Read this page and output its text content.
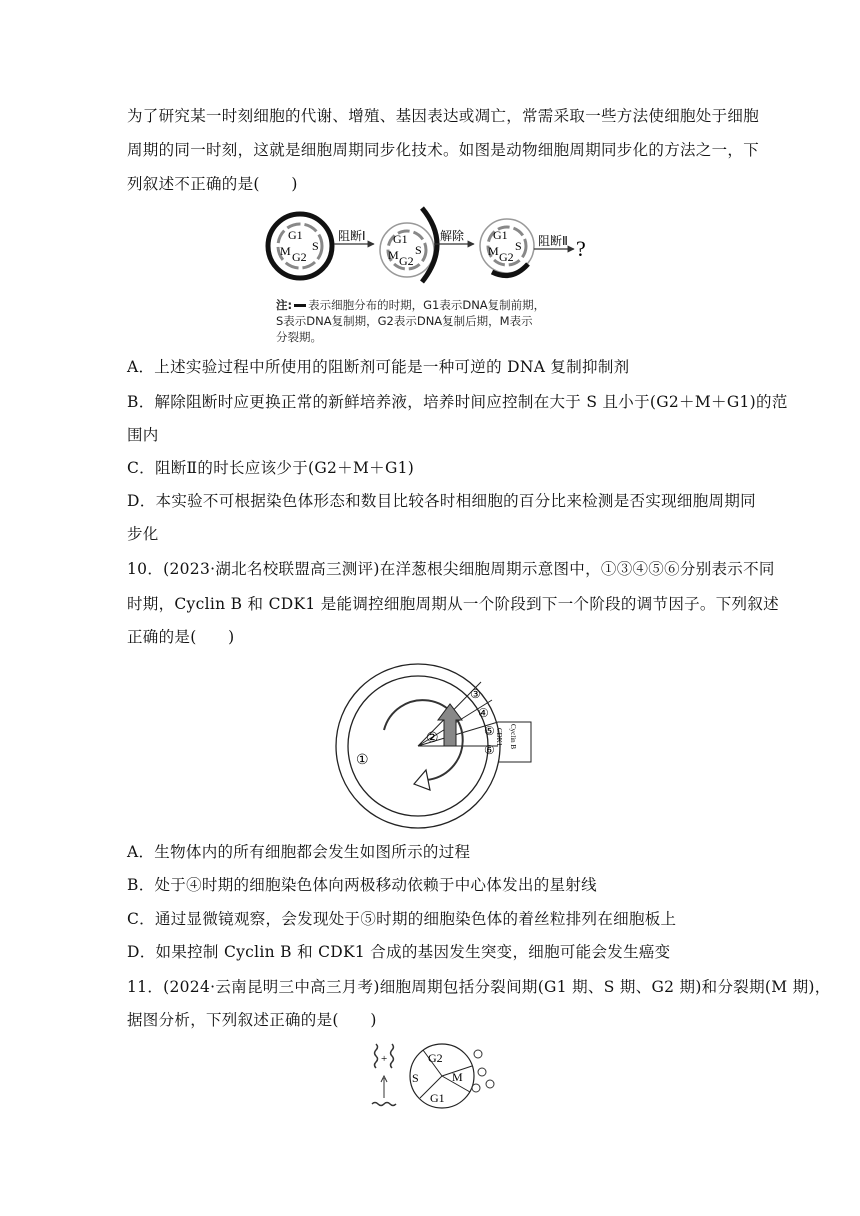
为了研究某一时刻细胞的代谢、增殖、基因表达或凋亡，常需采取一些方法使细胞处于细胞
周期的同一时刻，这就是细胞周期同步化技术。如图是动物细胞周期同步化的方法之一，下
列叙述不正确的是(　　)
G1
S
M G2
阻断Ⅰ G1
S
M G2
解除 G1
S
M G2
阻断Ⅱ ?
注: 表示细胞分布的时期，G1表示DNA复制前期，
S表示DNA复制期，G2表示DNA复制后期，M表示
分裂期。
A．上述实验过程中所使用的阻断剂可能是一种可逆的 DNA 复制抑制剂
B．解除阻断时应更换正常的新鲜培养液，培养时间应控制在大于 S 且小于(G2＋M＋G1)的范
围内
C．阻断Ⅱ的时长应该少于(G2＋M＋G1)
D．本实验不可根据染色体形态和数目比较各时相细胞的百分比来检测是否实现细胞周期同
步化
10．(2023·湖北名校联盟高三测评)在洋葱根尖细胞周期示意图中，①③④⑤⑥分别表示不同
时期，Cyclin B 和 CDK1 是能调控细胞周期从一个阶段到下一个阶段的调节因子。下列叙述
正确的是(　　)
②
①
③
④
⑤
⑥
CDK1 Cyclin B
A．生物体内的所有细胞都会发生如图所示的过程
B．处于④时期的细胞染色体向两极移动依赖于中心体发出的星射线
C．通过显微镜观察，会发现处于⑤时期的细胞染色体的着丝粒排列在细胞板上
D．如果控制 Cyclin B 和 CDK1 合成的基因发生突变，细胞可能会发生癌变
11．(2024·云南昆明三中高三月考)细胞周期包括分裂间期(G1 期、S 期、G2 期)和分裂期(M 期)，
据图分析，下列叙述正确的是(　　)
+	G2
S	M
G1
